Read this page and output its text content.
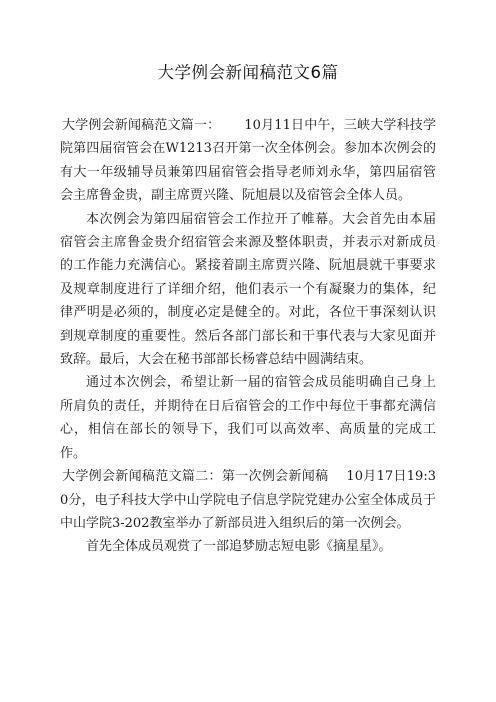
大学例会新闻稿范文6篇

大学例会新闻稿范文篇一： 10月11日中午，三峡大学科技学院第四届宿管会在W1213召开第一次全体例会。参加本次例会的有大一年级辅导员兼第四届宿管会指导老师刘永华，第四届宿管会主席鲁金贵，副主席贾兴隆、阮旭晨以及宿管会全体人员。

本次例会为第四届宿管会工作拉开了帷幕。大会首先由本届宿管会主席鲁金贵介绍宿管会来源及整体职责，并表示对新成员的工作能力充满信心。紧接着副主席贾兴隆、阮旭晨就干事要求及规章制度进行了详细介绍，他们表示一个有凝聚力的集体，纪律严明是必须的，制度必定是健全的。对此，各位干事深刻认识到规章制度的重要性。然后各部门部长和干事代表与大家见面并致辞。最后，大会在秘书部部长杨睿总结中圆满结束。

通过本次例会，希望让新一届的宿管会成员能明确自己身上所肩负的责任，并期待在日后宿管会的工作中每位干事都充满信心，相信在部长的领导下，我们可以高效率、高质量的完成工作。

大学例会新闻稿范文篇二：第一次例会新闻稿 10月17日19:30分，电子科技大学中山学院电子信息学院党建办公室全体成员于中山学院3-202教室举办了新部员进入组织后的第一次例会。

首先全体成员观赏了一部追梦励志短电影《摘星星》。
